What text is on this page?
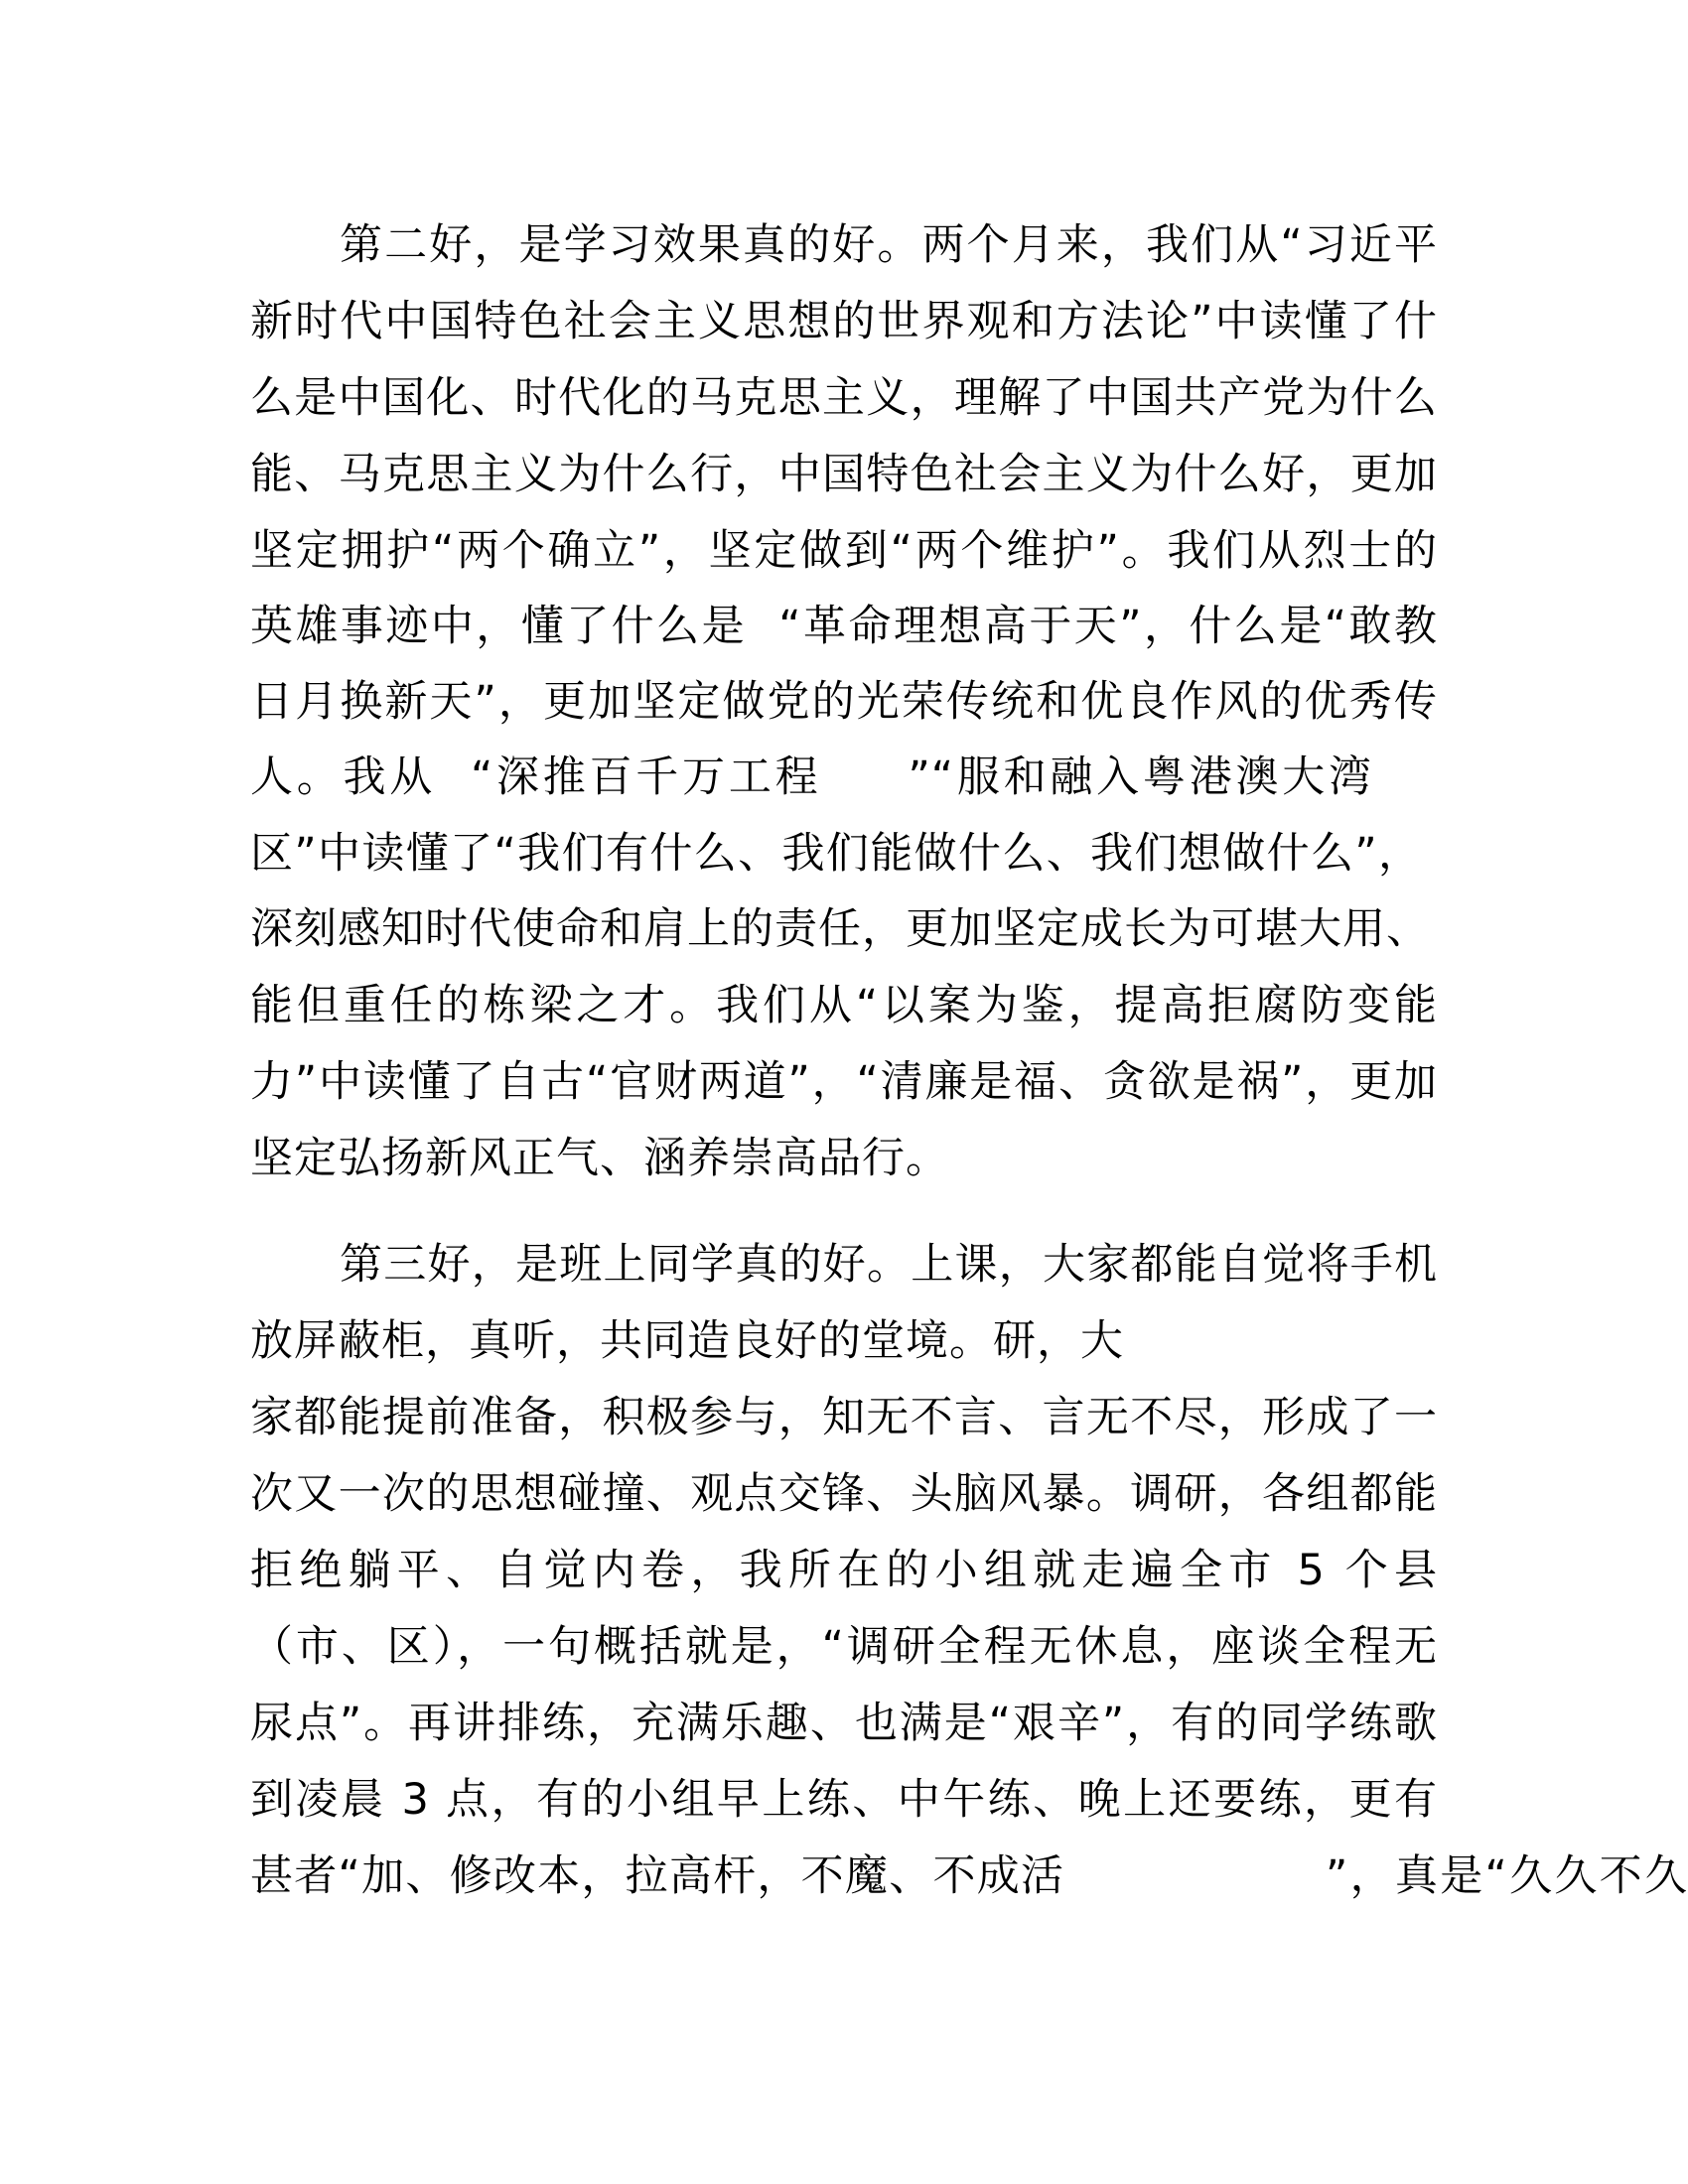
第二好，是学习效果真的好。两个月来，我们从“习近平
新时代中国特色社会主义思想的世界观和方法论”中读懂了什
么是中国化、时代化的马克思主义，理解了中国共产党为什么
能、马克思主义为什么行，中国特色社会主义为什么好，更加
坚定拥护“两个确立”，坚定做到“两个维护”。我们从烈士的
英雄事迹中，懂了什么是  “革命理想高于天”，什么是“敢教
日月换新天”，更加坚定做党的光荣传统和优良作风的优秀传
人。我从  “深推百千万工程     ”“服和融入粤港澳大湾
区”中读懂了“我们有什么、我们能做什么、我们想做什么”，
深刻感知时代使命和肩上的责任，更加坚定成长为可堪大用、
能但重任的栋梁之才。我们从“以案为鉴，提高拒腐防变能
力”中读懂了自古“官财两道”，“清廉是福、贪欲是祸”，更加
坚定弘扬新风正气、涵养崇高品行。
第三好，是班上同学真的好。上课，大家都能自觉将手机
放屏蔽柜，真听，共同造良好的堂境。研，大
家都能提前准备，积极参与，知无不言、言无不尽，形成了一
次又一次的思想碰撞、观点交锋、头脑风暴。调研，各组都能
拒绝躺平、自觉内卷，我所在的小组就走遍全市 5 个县
（市、区），一句概括就是，“调研全程无休息，座谈全程无
尿点”。再讲排练，充满乐趣、也满是“艰辛”，有的同学练歌
到凌晨 3 点，有的小组早上练、中午练、晚上还要练，更有
甚者“加、修改本，拉高杆，不魔、不成活	”，真是“久久不久
